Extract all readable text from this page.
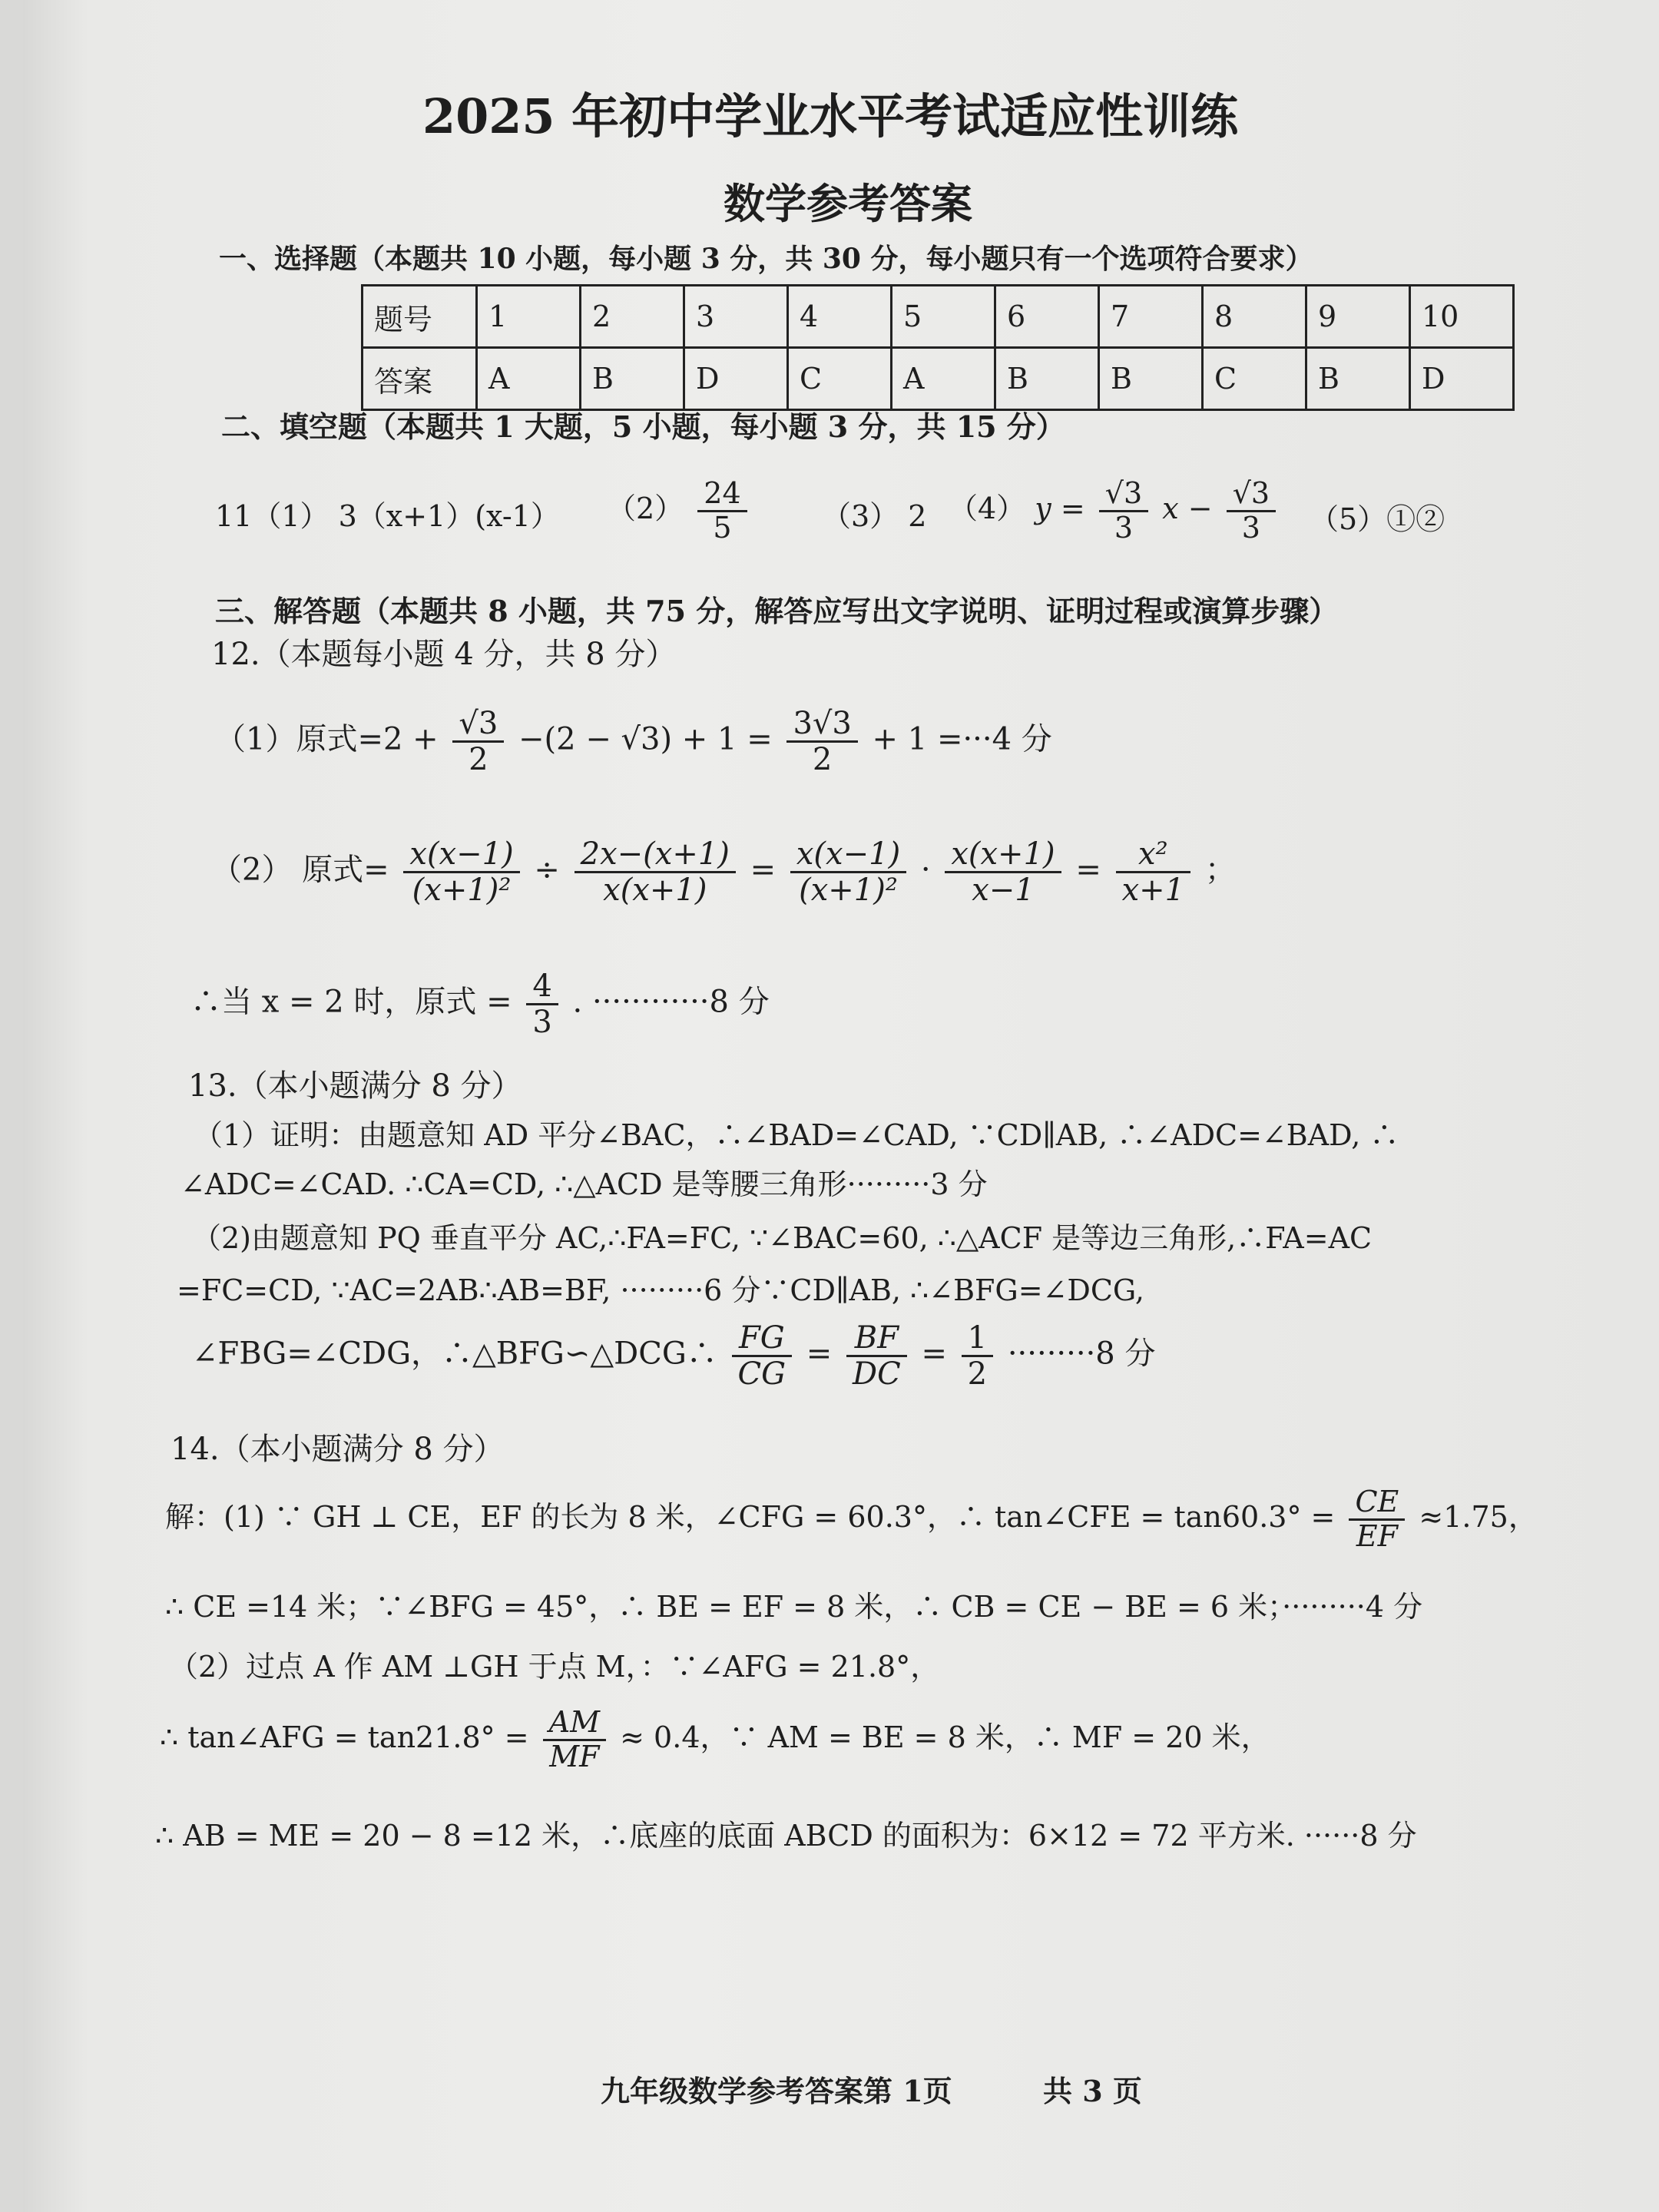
2025 年初中学业水平考试适应性训练
数学参考答案
一、选择题（本题共 10 小题，每小题 3 分，共 30 分，每小题只有一个选项符合要求）
题号	1	2	3	4	5	6	7	8	9	10
答案	A	B	D	C	A	B	B	C	B	D
二、填空题（本题共 1 大题，5 小题，每小题 3 分，共 15 分）
11（1） 3（x+1）(x-1） $(2) \frac{24}{5}$	（3） 2 （4） $y = \frac{√3}{3}$ $x - \frac{√3}{3}$ （5）①②
三、解答题（本题共 8 小题，共 75 分，解答应写出文字说明、证明过程或演算步骤）
12.（本题每小题 4 分，共 8 分）
（1）原式$=2 + \frac{√3}{2} -(2 - √3) + 1 = \frac{3√3}{2} + 1 =\cdot\cdot\cdot 4$ 分
（2） 原式= $\frac{x(x-1)}{\text{(x+1)²}} \div \frac{2x-(x+1)}{x(x+1)} = \frac{x(x-1)}{\text{(x+1)²}} \cdot \frac{x(x+1)}{x-1} = \frac{\text{x²}}{x+1}$ ；
∴当 x = 2 时，原式 = $\frac{4}{3}$ . ············8 分
13.（本小题满分 8 分）
（1）证明：由题意知 AD 平分∠BAC，∴∠BAD=∠CAD, ∵CD∥AB, ∴∠ADC=∠BAD, ∴
∠ADC=∠CAD. ∴CA=CD, ∴△ACD 是等腰三角形·········3 分
（2)由题意知 PQ 垂直平分 AC,∴FA=FC, ∵∠BAC=60, ∴△ACF 是等边三角形,∴FA=AC
=FC=CD, ∵AC=2AB∴AB=BF, ·········6 分∵CD∥AB, ∴∠BFG=∠DCG,
∠FBG=∠CDG，∴△BFG∽△DCG∴ $\frac{FG}{CG} = \frac{BF}{DC} = \frac{1}{2} \cdot\cdot\cdot\cdot\cdot\cdot\cdot\cdot\cdot 8$ 分
14.（本小题满分 8 分）
解：(1) ∵ GH ⊥ CE，EF 的长为 8 米，∠CFG = 60.3°，∴ tan∠CFE = $\tan 60.3^\circ = \frac{CE}{EF} \approx 1.75$，
∴ CE =14 米；∵∠BFG = 45°，∴ BE = EF = 8 米，∴ CB = CE − BE = 6 米；·········4 分
（2）过点 A 作 AM ⊥GH 于点 M，：∵∠AFG = 21.8°，
∴ tan∠AFG = $\tan 21.8^\circ = \frac{AM}{MF} \approx 0.4$，∵ AM = BE = 8 米，∴ MF = 20 米，
∴ AB = ME = 20 − 8 =12 米，∴底座的底面 ABCD 的面积为：6×12 = 72 平方米. ······8 分
九年级数学参考答案第 1页	共 3 页
